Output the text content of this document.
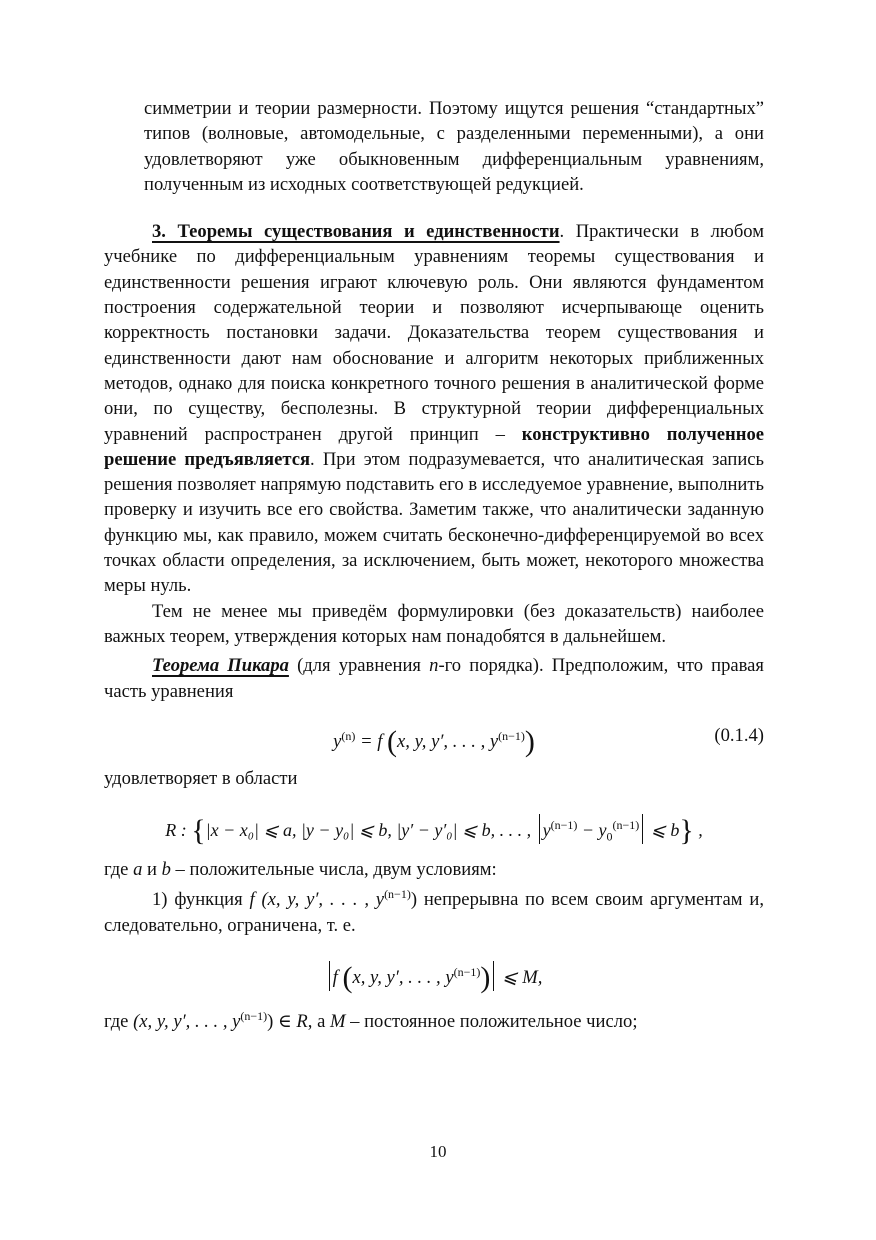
симметрии и теории размерности. Поэтому ищутся решения “стандартных” типов (волновые, автомодельные, с разделенными переменными), а они удовлетворяют уже обыкновенным дифференциальным уравнениям, полученным из исходных соответствующей редукцией.

3. Теоремы существования и единственности. Практически в любом учебнике по дифференциальным уравнениям теоремы существования и единственности решения играют ключевую роль. Они являются фундаментом построения содержательной теории и позволяют исчерпывающе оценить корректность постановки задачи. Доказательства теорем существования и единственности дают нам обоснование и алгоритм некоторых приближенных методов, однако для поиска конкретного точного решения в аналитической форме они, по существу, бесполезны. В структурной теории дифференциальных уравнений распространен другой принцип – конструктивно полученное решение предъявляется. При этом подразумевается, что аналитическая запись решения позволяет напрямую подставить его в исследуемое уравнение, выполнить проверку и изучить все его свойства. Заметим также, что аналитически заданную функцию мы, как правило, можем считать бесконечно-дифференцируемой во всех точках области определения, за исключением, быть может, некоторого множества меры нуль.

Тем не менее мы приведём формулировки (без доказательств) наиболее важных теорем, утверждения которых нам понадобятся в дальнейшем.

Теорема Пикара (для уравнения n-го порядка). Предположим, что правая часть уравнения

$y^{(n)} = f$ (x, y, y′, . . . , $y^{(n-1)}$)	(0.1.4)

удовлетворяет в области

R : {|x − x₀| ⩽ a, |y − y₀| ⩽ b, |y′ − y′₀| ⩽ b, . . . , $y^{(n-1)} - y_0^{(n-1)}$ ⩽ b} ,

где a и b – положительные числа, двум условиям:

1) функция f (x, y, y′, . . . , $y^{(n-1)}$) непрерывна по всем своим аргументам и, следовательно, ограничена, т. е.

f (x, y, y′, . . . , $y^{(n-1)}$) ⩽ M,

где (x, y, y′, . . . , $y^{(n-1)}$) ∈ R, а M – постоянное положительное число;

10
